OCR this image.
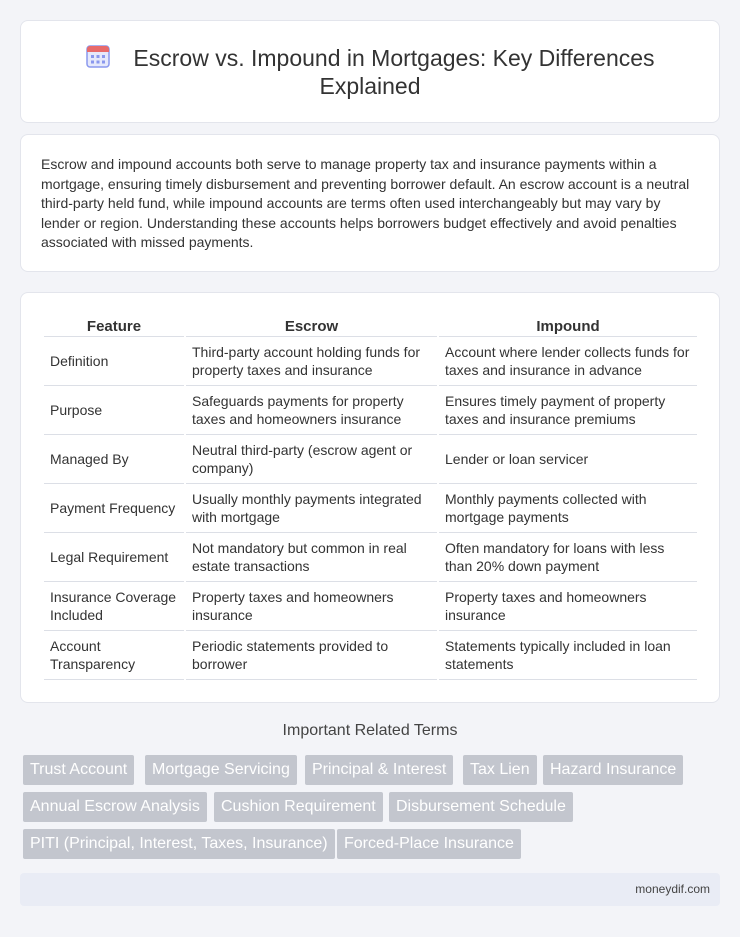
Escrow vs. Impound in Mortgages: Key Differences Explained

Escrow and impound accounts both serve to manage property tax and insurance payments within a mortgage, ensuring timely disbursement and preventing borrower default. An escrow account is a neutral third-party held fund, while impound accounts are terms often used interchangeably but may vary by lender or region. Understanding these accounts helps borrowers budget effectively and avoid penalties associated with missed payments.

Feature	Escrow	Impound
Definition	Third-party account holding funds for property taxes and insurance	Account where lender collects funds for taxes and insurance in advance
Purpose	Safeguards payments for property taxes and homeowners insurance	Ensures timely payment of property taxes and insurance premiums
Managed By	Neutral third-party (escrow agent or company)	Lender or loan servicer
Payment Frequency	Usually monthly payments integrated with mortgage	Monthly payments collected with mortgage payments
Legal Requirement	Not mandatory but common in real estate transactions	Often mandatory for loans with less than 20% down payment
Insurance Coverage Included	Property taxes and homeowners insurance	Property taxes and homeowners insurance
Account Transparency	Periodic statements provided to borrower	Statements typically included in loan statements
Important Related Terms
Trust Account	Mortgage Servicing	Principal & Interest	Tax Lien	Hazard Insurance
Annual Escrow Analysis	Cushion Requirement	Disbursement Schedule
PITI (Principal, Interest, Taxes, Insurance)	Forced-Place Insurance
moneydif.com
